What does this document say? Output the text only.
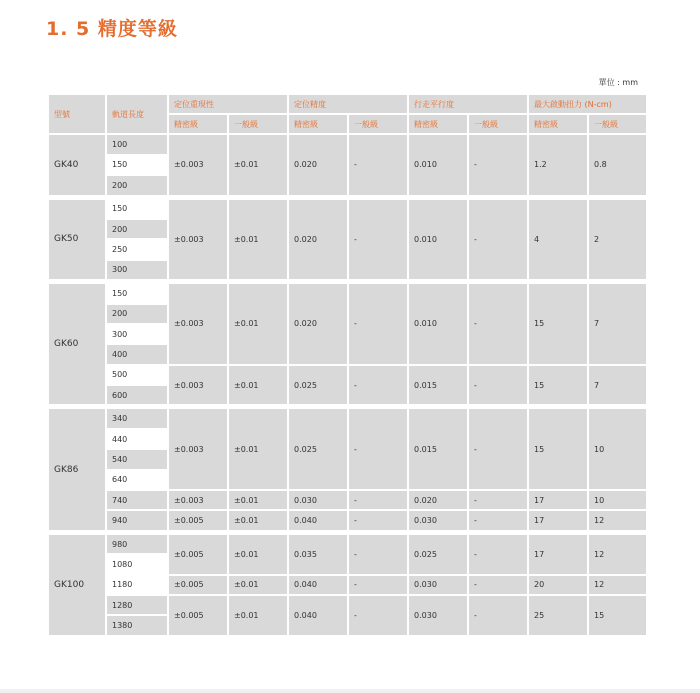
1. 5 精度等級
單位 : mm
型號	軌道長度	定位重現性		定位精度		行走平行度		最大啟動扭力 (N-cm)	
		精密級	一般級	精密級	一般級	精密級	一般級	精密級	一般級
GK40	100	±0.003	±0.01	0.020	-	0.010	-	1.2	0.8
	150								
	200								

GK50	150	±0.003	±0.01	0.020	-	0.010	-	4	2
	200								
	250								
	300								

GK60	150	±0.003	±0.01	0.020	-	0.010	-	15	7
	200								
	300								
	400								
	500	±0.003	±0.01	0.025	-	0.015	-	15	7
	600								

GK86	340	±0.003	±0.01	0.025	-	0.015	-	15	10
	440								
	540								
	640								
	740	±0.003	±0.01	0.030	-	0.020	-	17	10
	940	±0.005	±0.01	0.040	-	0.030	-	17	12

GK100	980	±0.005	±0.01	0.035	-	0.025	-	17	12
	1080								
	1180	±0.005	±0.01	0.040	-	0.030	-	20	12
	1280	±0.005	±0.01	0.040	-	0.030	-	25	15
	1380								
